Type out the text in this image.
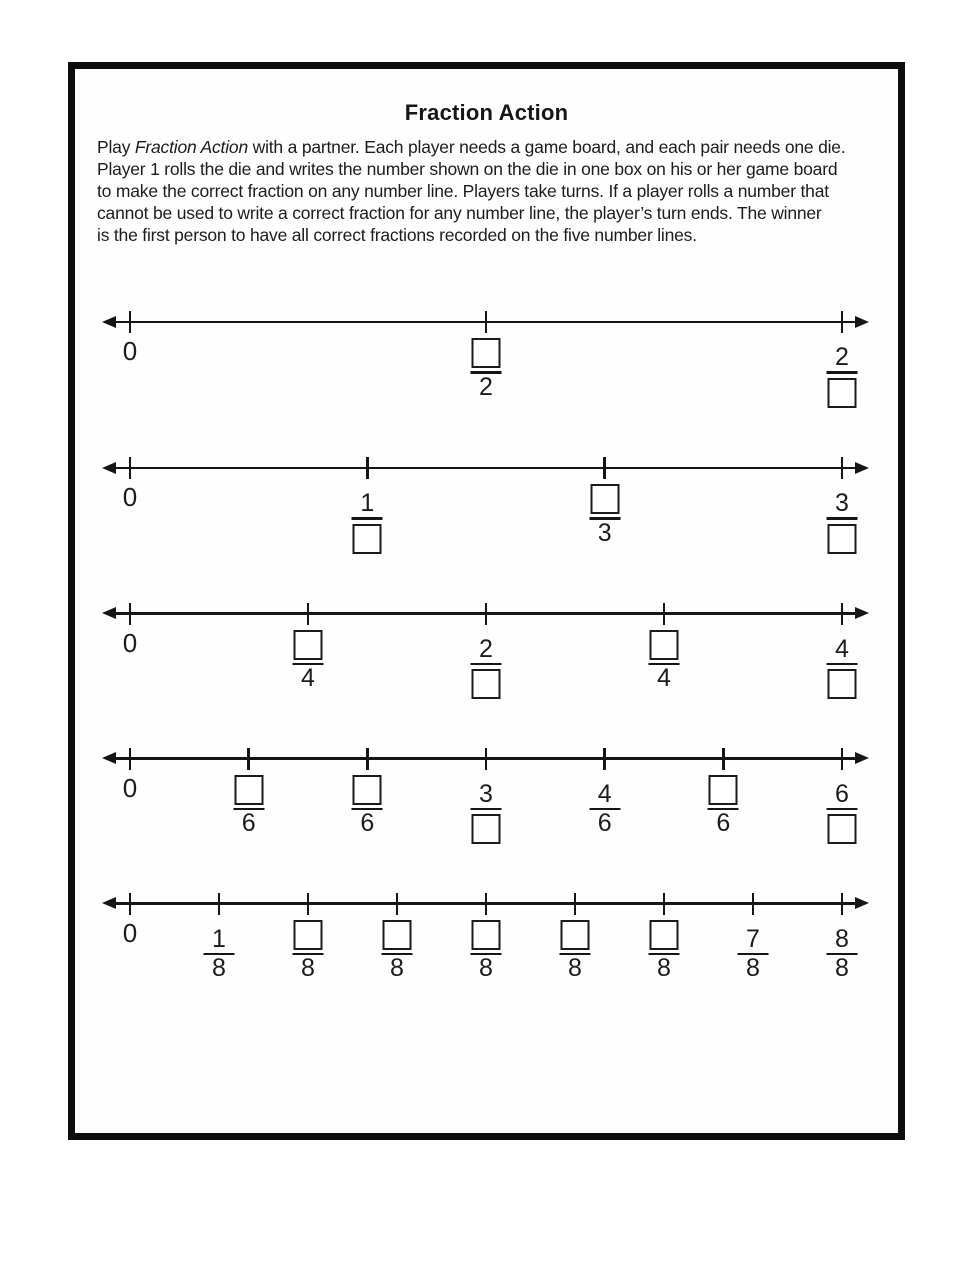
Fraction Action
Play Fraction Action with a partner. Each player needs a game board, and each pair needs one die.
Player 1 rolls the die and writes the number shown on the die in one box on his or her game board
to make the correct fraction on any number line. Players take turns. If a player rolls a number that
cannot be used to write a correct fraction for any number line, the player’s turn ends. The winner
is the first person to have all correct fractions recorded on the five number lines.
0
2
2
0	1
3
3
0
4
2
4
4
0
6	6
3	4
6	6
6
0	1
8	8	8	8	8	8
7
8
8
8
